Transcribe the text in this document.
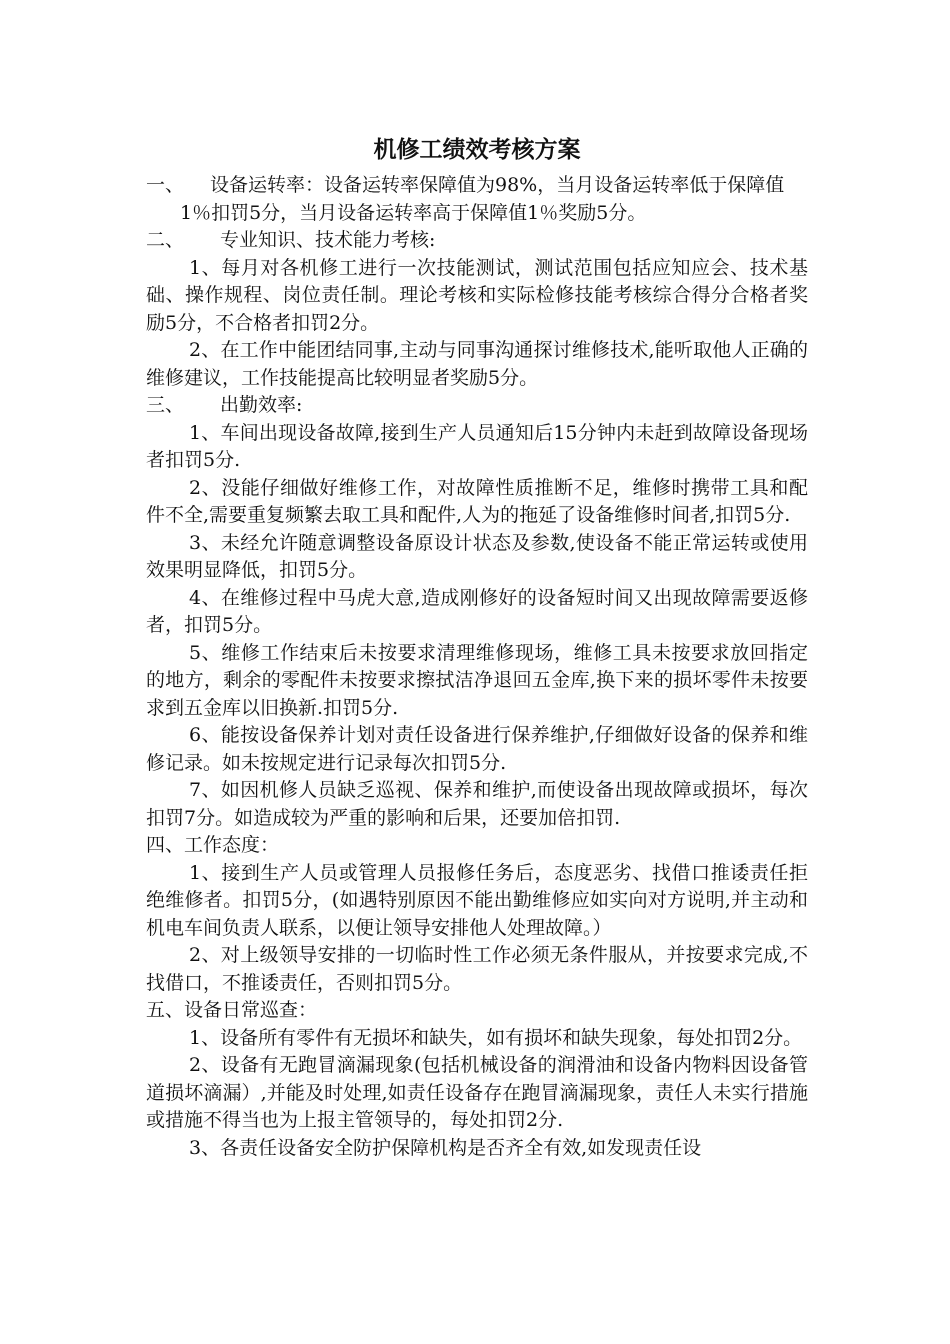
机修工绩效考核方案
一、	设备运转率：设备运转率保障值为98%，当月设备运转率低于保障值1％扣罚5分，当月设备运转率高于保障值1％奖励5分。

二、 专业知识、技术能力考核:

1、每月对各机修工进行一次技能测试，测试范围包括应知应会、技术基础、操作规程、岗位责任制。理论考核和实际检修技能考核综合得分合格者奖励5分，不合格者扣罚2分。

2、在工作中能团结同事,主动与同事沟通探讨维修技术,能听取他人正确的维修建议，工作技能提高比较明显者奖励5分。

三、 出勤效率:

1、车间出现设备故障,接到生产人员通知后15分钟内未赶到故障设备现场者扣罚5分.

2、没能仔细做好维修工作，对故障性质推断不足，维修时携带工具和配件不全,需要重复频繁去取工具和配件,人为的拖延了设备维修时间者,扣罚5分.

3、未经允许随意调整设备原设计状态及参数,使设备不能正常运转或使用效果明显降低，扣罚5分。

4、在维修过程中马虎大意,造成刚修好的设备短时间又出现故障需要返修者，扣罚5分。

5、维修工作结束后未按要求清理维修现场，维修工具未按要求放回指定的地方，剩余的零配件未按要求擦拭洁净退回五金库,换下来的损坏零件未按要求到五金库以旧换新.扣罚5分.

6、能按设备保养计划对责任设备进行保养维护,仔细做好设备的保养和维修记录。如未按规定进行记录每次扣罚5分.

7、如因机修人员缺乏巡视、保养和维护,而使设备出现故障或损坏，每次扣罚7分。如造成较为严重的影响和后果，还要加倍扣罚.

四、工作态度：

1、接到生产人员或管理人员报修任务后，态度恶劣、找借口推诿责任拒绝维修者。扣罚5分，(如遇特别原因不能出勤维修应如实向对方说明,并主动和机电车间负责人联系，以便让领导安排他人处理故障。）

2、对上级领导安排的一切临时性工作必须无条件服从，并按要求完成,不找借口，不推诿责任，否则扣罚5分。

五、设备日常巡查：

1、设备所有零件有无损坏和缺失，如有损坏和缺失现象，每处扣罚2分。

2、设备有无跑冒滴漏现象(包括机械设备的润滑油和设备内物料因设备管道损坏滴漏）,并能及时处理,如责任设备存在跑冒滴漏现象，责任人未实行措施或措施不得当也为上报主管领导的，每处扣罚2分.

3、各责任设备安全防护保障机构是否齐全有效,如发现责任设
